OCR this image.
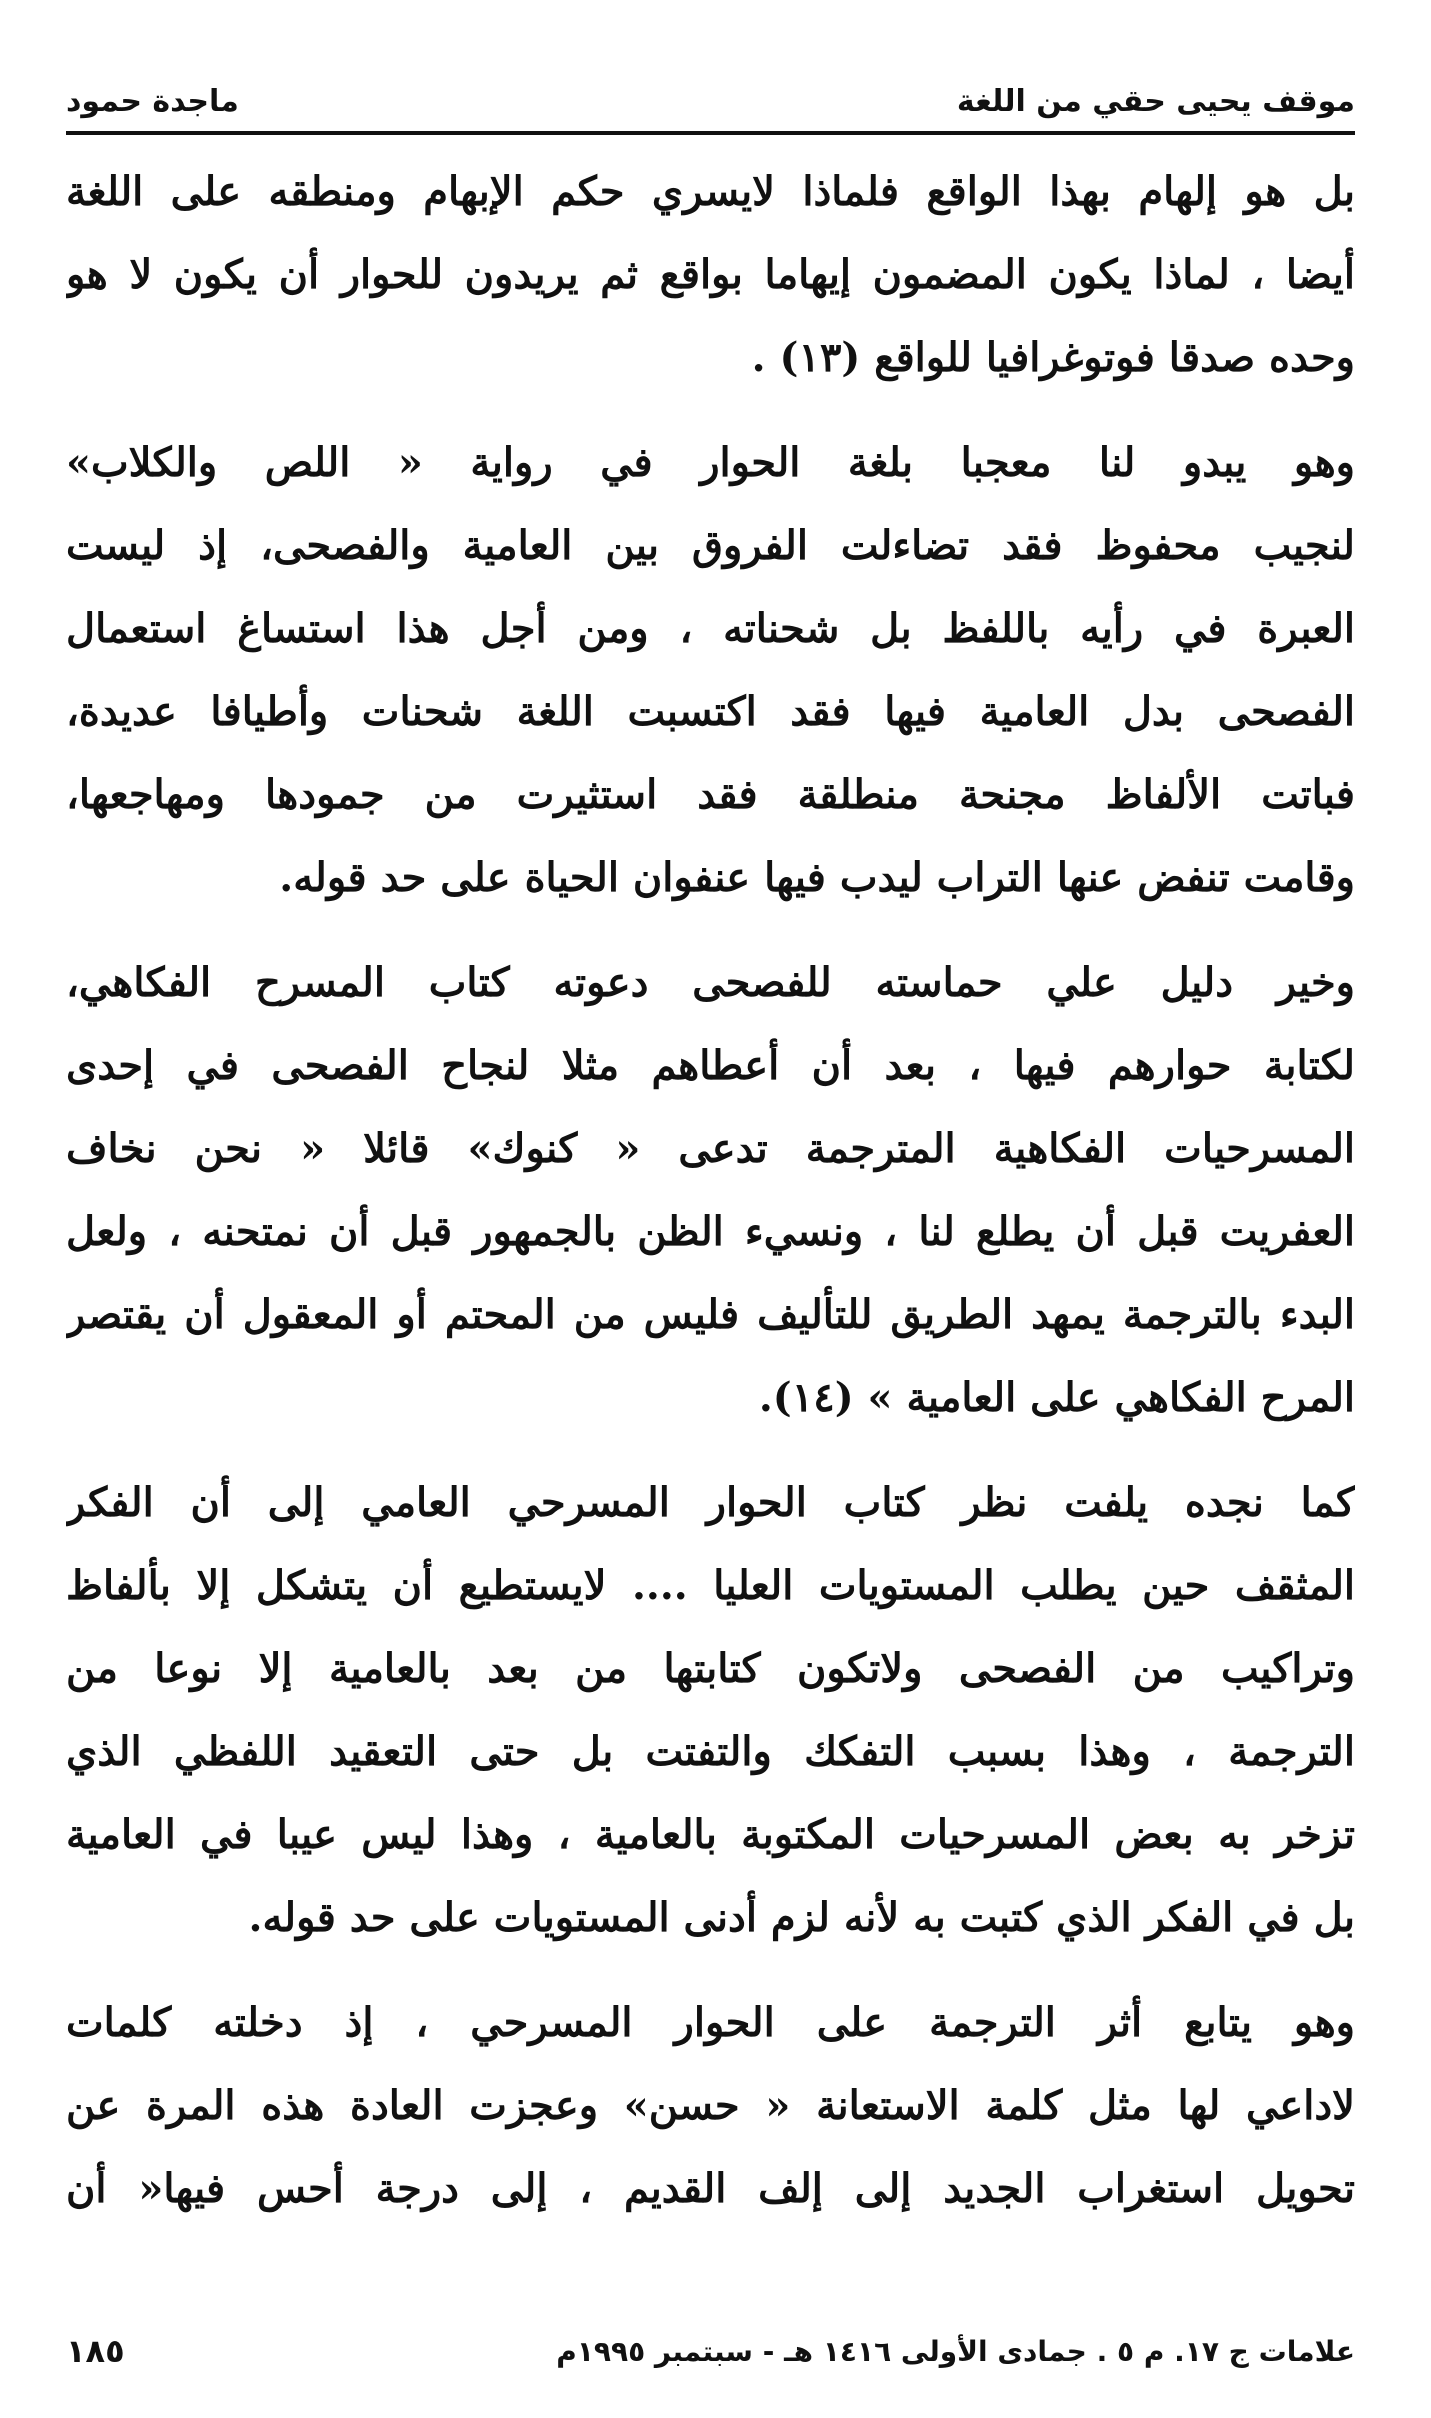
موقف يحيى حقي من اللغة
ماجدة حمود
بل هو إلهام بهذا الواقع فلماذا لايسري حكم الإبهام ومنطقه على اللغة
أيضا ، لماذا يكون المضمون إيهاما بواقع ثم يريدون للحوار أن يكون لا هو
وحده صدقا فوتوغرافيا للواقع (١٣) .
وهو يبدو لنا معجبا بلغة الحوار في رواية « اللص والكلاب»
لنجيب محفوظ فقد تضاءلت الفروق بين العامية والفصحى، إذ ليست
العبرة في رأيه باللفظ بل شحناته ، ومن أجل هذا استساغ استعمال
الفصحى بدل العامية فيها فقد اكتسبت اللغة شحنات وأطيافا عديدة،
فباتت الألفاظ مجنحة منطلقة فقد استثيرت من جمودها ومهاجعها،
وقامت تنفض عنها التراب ليدب فيها عنفوان الحياة على حد قوله.
وخير دليل علي حماسته للفصحى دعوته كتاب المسرح الفكاهي،
لكتابة حوارهم فيها ، بعد أن أعطاهم مثلا لنجاح الفصحى في إحدى
المسرحيات الفكاهية المترجمة تدعى « كنوك» قائلا « نحن نخاف
العفريت قبل أن يطلع لنا ، ونسيء الظن بالجمهور قبل أن نمتحنه ، ولعل
البدء بالترجمة يمهد الطريق للتأليف فليس من المحتم أو المعقول أن يقتصر
المرح الفكاهي على العامية » (١٤).
كما نجده يلفت نظر كتاب الحوار المسرحي العامي إلى أن الفكر
المثقف حين يطلب المستويات العليا .... لايستطيع أن يتشكل إلا بألفاظ
وتراكيب من الفصحى ولاتكون كتابتها من بعد بالعامية إلا نوعا من
الترجمة ، وهذا بسبب التفكك والتفتت بل حتى التعقيد اللفظي الذي
تزخر به بعض المسرحيات المكتوبة بالعامية ، وهذا ليس عيبا في العامية
بل في الفكر الذي كتبت به لأنه لزم أدنى المستويات على حد قوله.
وهو يتابع أثر الترجمة على الحوار المسرحي ، إذ دخلته كلمات
لاداعي لها مثل كلمة الاستعانة « حسن» وعجزت العادة هذه المرة عن
تحويل استغراب الجديد إلى إلف القديم ، إلى درجة أحس فيها« أن
علامات ج ١٧. م ٥ . جمادى الأولى ١٤١٦ هـ - سبتمبر ١٩٩٥م
١٨٥
